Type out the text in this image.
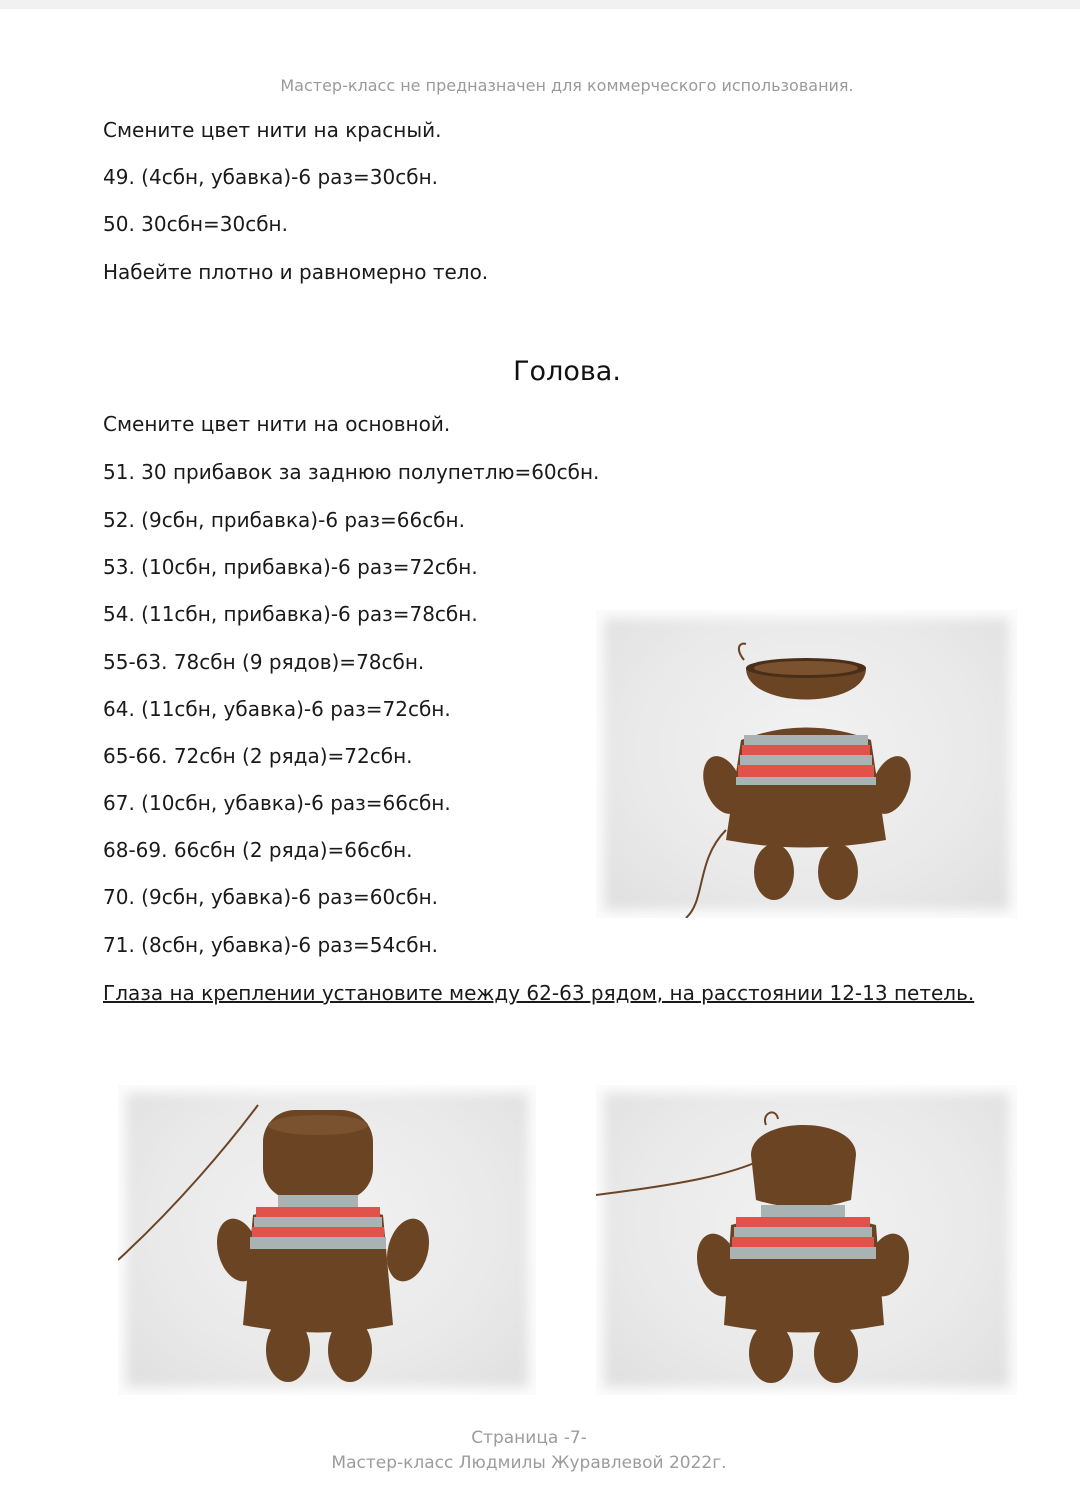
Мастер-класс не предназначен для коммерческого использования.
Смените цвет нити на красный.
49. (4сбн, убавка)-6 раз=30сбн.
50. 30сбн=30сбн.
Набейте плотно и равномерно тело.
Голова.
Смените цвет нити на основной.
51. 30 прибавок за заднюю полупетлю=60сбн.
52. (9сбн, прибавка)-6 раз=66сбн.
53. (10сбн, прибавка)-6 раз=72сбн.
54. (11сбн, прибавка)-6 раз=78сбн.
55-63. 78сбн (9 рядов)=78сбн.
64. (11сбн, убавка)-6 раз=72сбн.
65-66. 72сбн (2 ряда)=72сбн.
67. (10сбн, убавка)-6 раз=66сбн.
68-69. 66сбн (2 ряда)=66сбн.
70. (9сбн, убавка)-6 раз=60сбн.
71. (8сбн, убавка)-6 раз=54сбн.
Глаза на креплении установите между 62-63 рядом, на расстоянии 12-13 петель.
Страница -7-
Мастер-класс Людмилы Журавлевой 2022г.
